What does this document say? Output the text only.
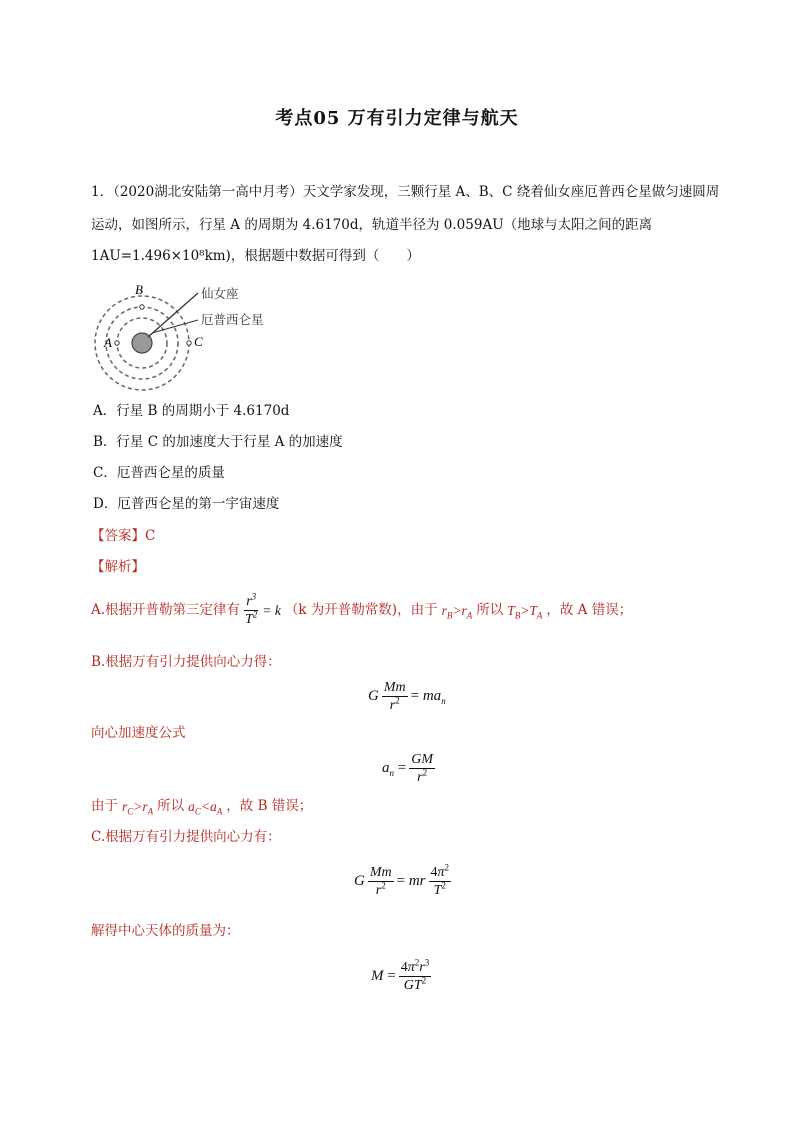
考点05 万有引力定律与航天
1．（2020湖北安陆第一高中月考）天文学家发现，三颗行星 A、B、C 绕着仙女座厄普西仑星做匀速圆周
运动，如图所示，行星 A 的周期为 4.6170d，轨道半径为 0.059AU（地球与太阳之间的距离
1AU=1.496×10⁸km)，根据题中数据可得到（　　）
B
A	C
仙女座
厄普西仑星
A．行星 B 的周期小于 4.6170d
B．行星 C 的加速度大于行星 A 的加速度
C．厄普西仑星的质量
D．厄普西仑星的第一宇宙速度
【答案】C
【解析】
A.根据开普勒第三定律有 $\frac{r^3}{T^2} = k$ （k 为开普勒常数)，由于 $r_B>r_A$ 所以 $T_B>T_A$ ，故 A 错误；
B.根据万有引力提供向心力得：
G $\frac{Mm}{r^2} = ma_n$
向心加速度公式
$a_n = \frac{GM}{r^2}$
由于 $r_C>r_A$ 所以 $a_C<a_A$ ，故 B 错误；
C.根据万有引力提供向心力有：
G $\frac{Mm}{r^2}$ = mr $\frac{4\pi^2}{T^2}$
解得中心天体的质量为：
$M = \frac{4\pi^2r^3}{GT^2}$
